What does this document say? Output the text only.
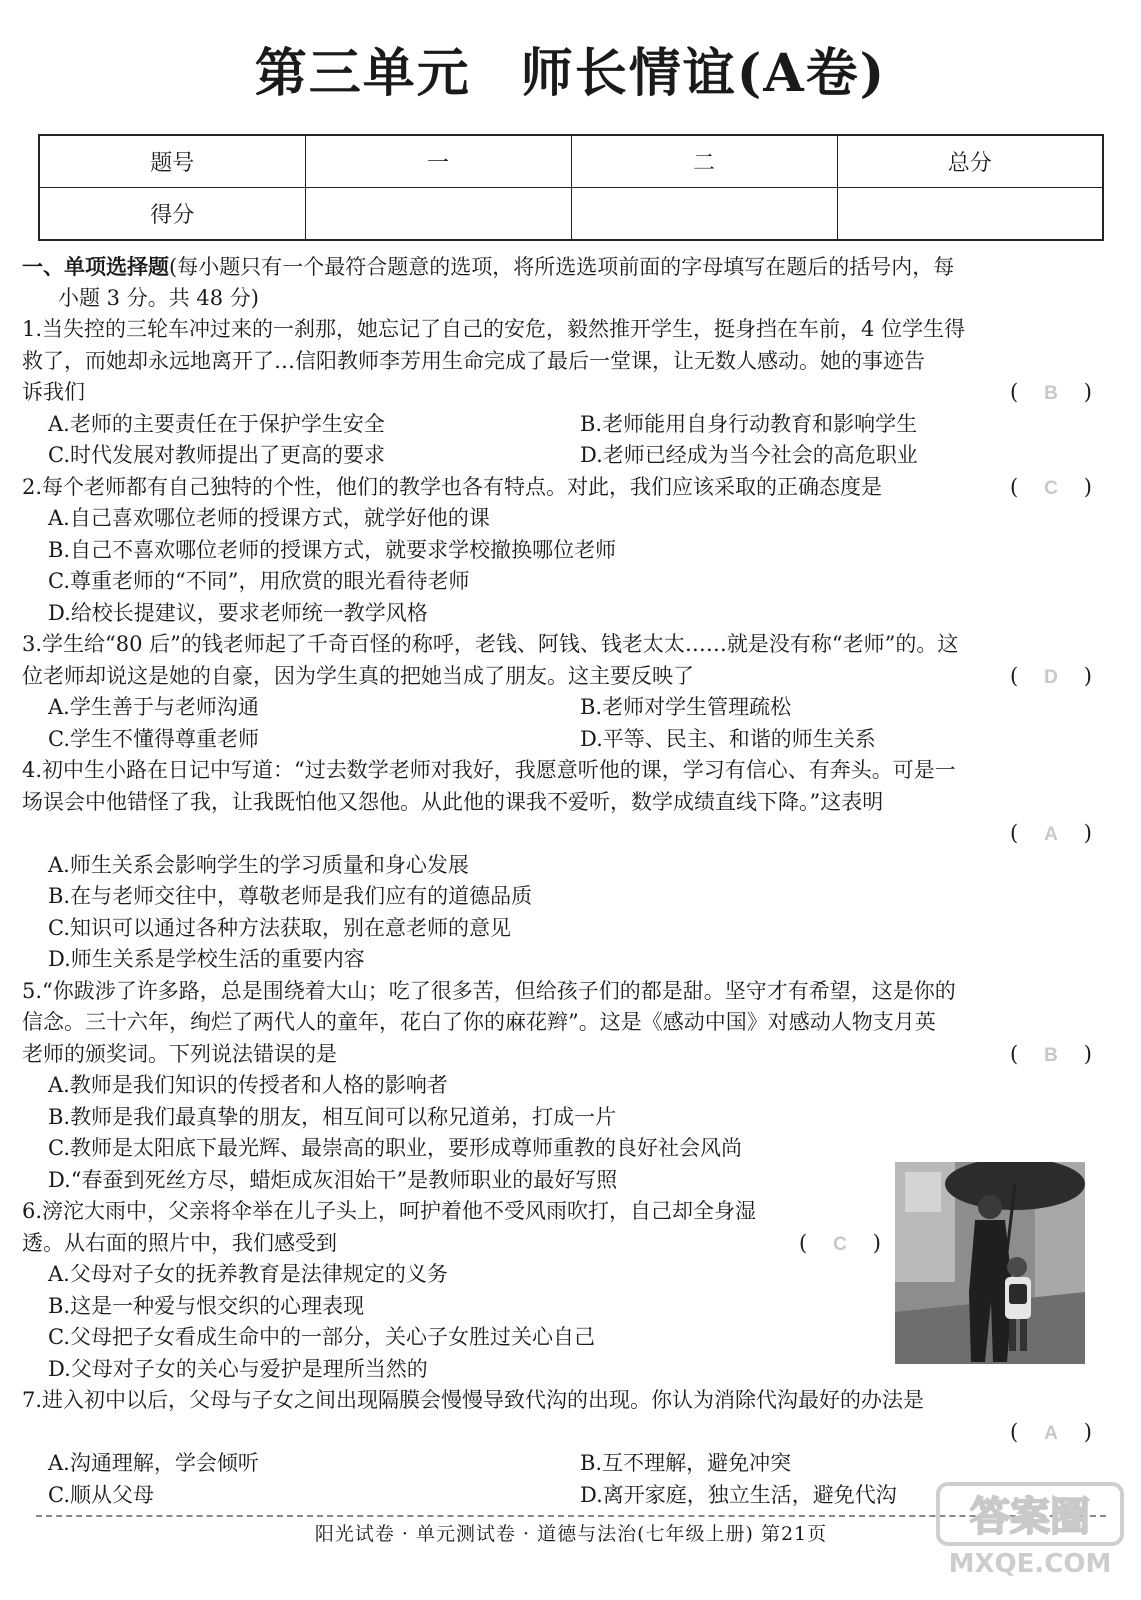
第三单元 师长情谊(A卷)
题号	一	二	总分
得分			
一、单项选择题(每小题只有一个最符合题意的选项，将所选选项前面的字母填写在题后的括号内，每
小题 3 分。共 48 分)
1.当失控的三轮车冲过来的一刹那，她忘记了自己的安危，毅然推开学生，挺身挡在车前，4 位学生得
救了，而她却永远地离开了…信阳教师李芳用生命完成了最后一堂课，让无数人感动。她的事迹告
诉我们	( B )
A.老师的主要责任在于保护学生安全	B.老师能用自身行动教育和影响学生
C.时代发展对教师提出了更高的要求	D.老师已经成为当今社会的高危职业
2.每个老师都有自己独特的个性，他们的教学也各有特点。对此，我们应该采取的正确态度是	( C )
A.自己喜欢哪位老师的授课方式，就学好他的课
B.自己不喜欢哪位老师的授课方式，就要求学校撤换哪位老师
C.尊重老师的“不同”，用欣赏的眼光看待老师
D.给校长提建议，要求老师统一教学风格
3.学生给“80 后”的钱老师起了千奇百怪的称呼，老钱、阿钱、钱老太太……就是没有称“老师”的。这
位老师却说这是她的自豪，因为学生真的把她当成了朋友。这主要反映了	( D )
A.学生善于与老师沟通	B.老师对学生管理疏松
C.学生不懂得尊重老师	D.平等、民主、和谐的师生关系
4.初中生小路在日记中写道：“过去数学老师对我好，我愿意听他的课，学习有信心、有奔头。可是一
场误会中他错怪了我，让我既怕他又怨他。从此他的课我不爱听，数学成绩直线下降。”这表明
( A )
A.师生关系会影响学生的学习质量和身心发展
B.在与老师交往中，尊敬老师是我们应有的道德品质
C.知识可以通过各种方法获取，别在意老师的意见
D.师生关系是学校生活的重要内容
5.“你跋涉了许多路，总是围绕着大山；吃了很多苦，但给孩子们的都是甜。坚守才有希望，这是你的
信念。三十六年，绚烂了两代人的童年，花白了你的麻花辫”。这是《感动中国》对感动人物支月英
老师的颁奖词。下列说法错误的是	( B )
A.教师是我们知识的传授者和人格的影响者
B.教师是我们最真挚的朋友，相互间可以称兄道弟，打成一片
C.教师是太阳底下最光辉、最崇高的职业，要形成尊师重教的良好社会风尚
D.“春蚕到死丝方尽，蜡炬成灰泪始干”是教师职业的最好写照
6.滂沱大雨中，父亲将伞举在儿子头上，呵护着他不受风雨吹打，自己却全身湿
透。从右面的照片中，我们感受到	( C )
A.父母对子女的抚养教育是法律规定的义务
B.这是一种爱与恨交织的心理表现
C.父母把子女看成生命中的一部分，关心子女胜过关心自己
D.父母对子女的关心与爱护是理所当然的
7.进入初中以后，父母与子女之间出现隔膜会慢慢导致代沟的出现。你认为消除代沟最好的办法是
( A )
A.沟通理解，学会倾听	B.互不理解，避免冲突
C.顺从父母	D.离开家庭，独立生活，避免代沟
阳光试卷 · 单元测试卷 · 道德与法治(七年级上册) 第21页	答案圈
MXQE.COM
